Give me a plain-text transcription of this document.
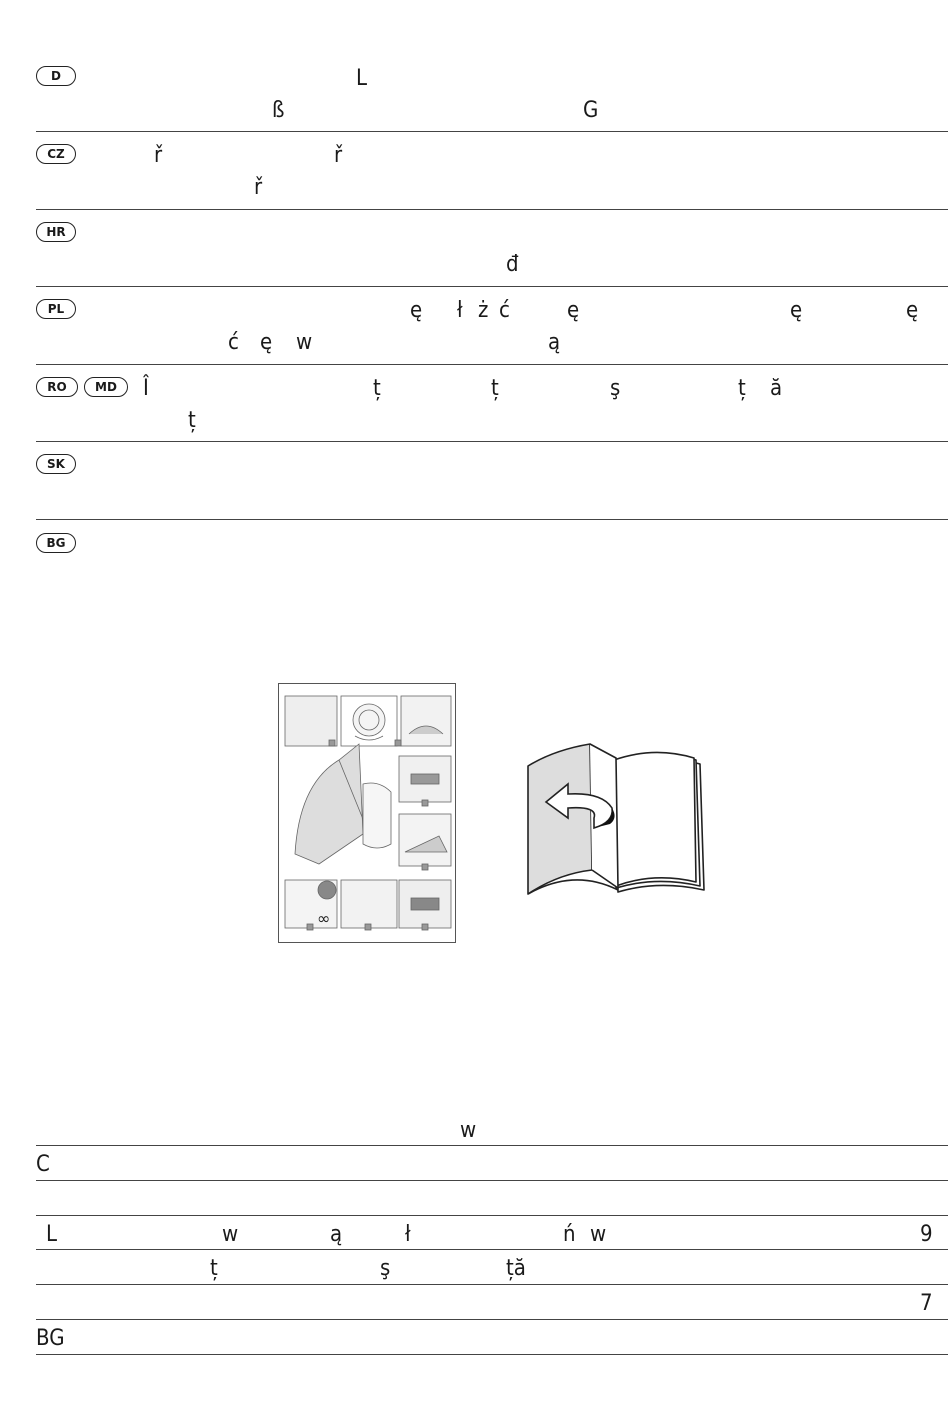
D	L
ß	G
CZ	ř	ř
ř
HR
đ
PL	ę ł ż ć	ę	ę	ę
ć ę w	ą
RO	MD	Î	ț	ț	ş	ț ă
ț
SK
BG
∞
w
C
L	w	ą	ł	ń w	9
ț	ş	ță
7
BG
